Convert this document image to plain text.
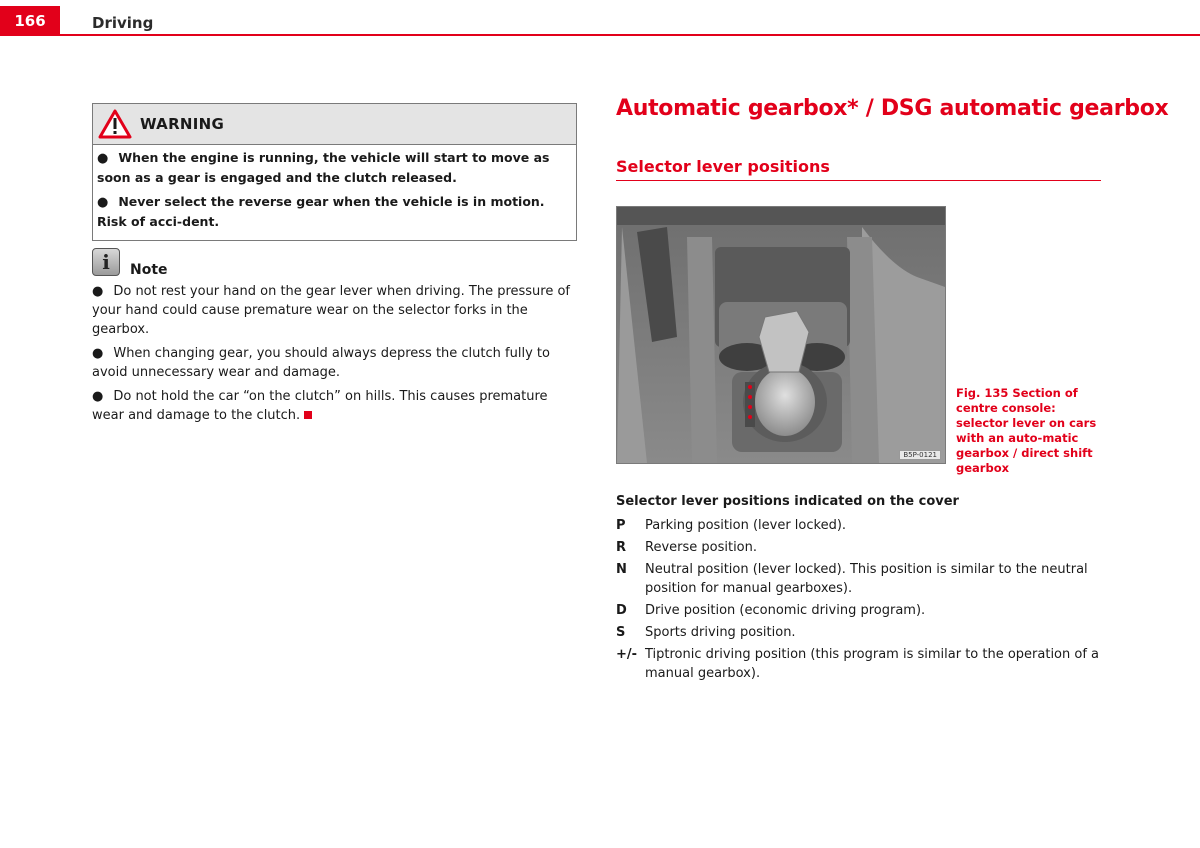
166	Driving
WARNING
● When the engine is running, the vehicle will start to move as soon as a gear is engaged and the clutch released.
● Never select the reverse gear when the vehicle is in motion. Risk of acci-dent.
i	Note
● Do not rest your hand on the gear lever when driving. The pressure of your hand could cause premature wear on the selector forks in the gearbox.
● When changing gear, you should always depress the clutch fully to avoid unnecessary wear and damage.
● Do not hold the car “on the clutch” on hills. This causes premature wear and damage to the clutch.
Automatic gearbox* / DSG automatic gearbox
Selector lever positions
B5P-0121
Fig. 135 Section of centre console: selector lever on cars with an auto-matic gearbox / direct shift gearbox
Selector lever positions indicated on the cover
P	Parking position (lever locked).
R	Reverse position.
N	Neutral position (lever locked). This position is similar to the neutral position for manual gearboxes).
D	Drive position (economic driving program).
S	Sports driving position.
+/- Tiptronic driving position (this program is similar to the operation of a manual gearbox).
